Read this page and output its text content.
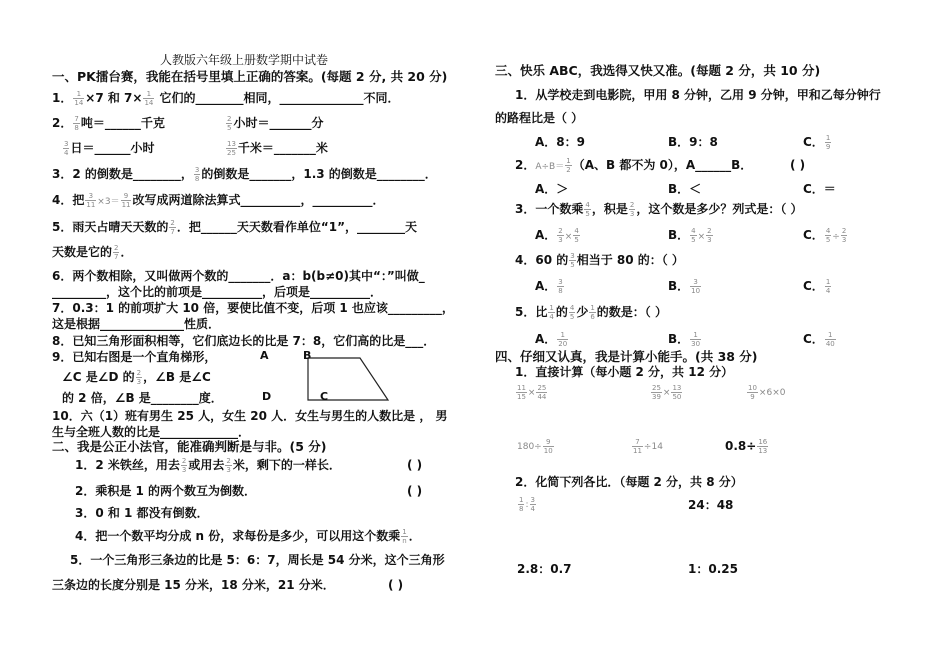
人教版六年级上册数学期中试卷
一、PK擂台赛，我能在括号里填上正确的答案。(每题 2 分, 共 20 分)
1． $\frac{1}{14} \times 7$ 和 $7\times \frac{1}{14}$ 它们的________相同，______________不同．
2． $\frac{7}{8}$ 吨＝______千克	$\frac{2}{5}$ 小时＝_______分
$\frac{3}{4}$ 日＝______小时	$\frac{13}{25}$ 千米＝_______米
3．2 的倒数是________， $\frac{3}{8}$ 的倒数是_______，1.3 的倒数是________．
4．把 $\frac{3}{11} \times 3= \frac{9}{11}$ 改写成两道除法算式__________，__________．
5．雨天占晴天天数的 $\frac{2}{7}$ ．把______天天数看作单位“1”，________天
天数是它的 $\frac{2}{7}$ ．
6．两个数相除，又叫做两个数的_______．a：b(b≠0)其中“：”叫做_
_________，这个比的前项是__________，后项是__________．
7．0.3：1 的前项扩大 10 倍，要使比值不变，后项 1 也应该_________，
这是根据______________性质．
8．已知三角形面积相等，它们底边长的比是 7：8，它们高的比是___．
9．已知右图是一个直角梯形，
∠C 是∠D 的 $\frac{2}{3}$ ，∠B 是∠C
的 2 倍，∠B 是________度．
A	B
C
D
10．六（1）班有男生 25 人，女生 20 人．女生与男生的人数比是 ， 男
生与全班人数的比是_____________．
二、我是公正小法官，能准确判断是与非。(5 分)
1．2 米铁丝，用去 $\frac{2}{3}$ 或用去 $\frac{2}{3}$ 米，剩下的一样长．	( )
2．乘积是 1 的两个数互为倒数．	( )
3．0 和 1 都没有倒数．
4．把一个数平均分成 n 份，求每份是多少，可以用这个数乘 $\frac{1}{n}$ ．
5．一个三角形三条边的比是 5：6：7，周长是 54 分米，这个三角形
三条边的长度分别是 15 分米，18 分米，21 分米．	( )
三、快乐 ABC，我选得又快又准。(每题 2 分，共 10 分)
1．从学校走到电影院，甲用 8 分钟，乙用 9 分钟，甲和乙每分钟行
的路程比是（ ）
A．8：9	B．9：8	C． $\frac{1}{9}$
2．$A\div B= \frac{1}{2} (A$、B 都不为 0），A______B．	( )
A．＞	B．＜	C．＝
3．一个数乘 $\frac{4}{5}$ ，积是 $\frac{2}{3}$ ，这个数是多少？列式是：（ ）
A． $\frac{2}{3} \times \frac{4}{5}$	B． $\frac{4}{5} \times \frac{2}{3}$	C． $\frac{4}{5} \div \frac{2}{3}$
4．60 的 $\frac{3}{5}$ 相当于 80 的：（ ）
A． $\frac{3}{8}$	B． $\frac{3}{10}$	C． $\frac{1}{4}$
5．比 $\frac{1}{4}$ 的 $\frac{4}{5}$ 少 $\frac{1}{6}$ 的数是：（ ）
A． $\frac{1}{20}$	B． $\frac{1}{30}$	C． $\frac{1}{40}$
四、仔细又认真，我是计算小能手。(共 38 分)
1．直接计算（每小题 2 分，共 12 分）
$\frac{11}{15} \times \frac{25}{44}$	$\frac{25}{39} \times \frac{13}{50}$	$\frac{10}{9} \times 6\times 0$
$180\div \frac{9}{10}$	$\frac{7}{11} \div 14$	$0.8\div \frac{16}{13}$
2．化简下列各比．（每题 2 分，共 8 分）
$\frac{1}{8}$ : $\frac{3}{4}$	24：48
2.8：0.7	1：0.25
